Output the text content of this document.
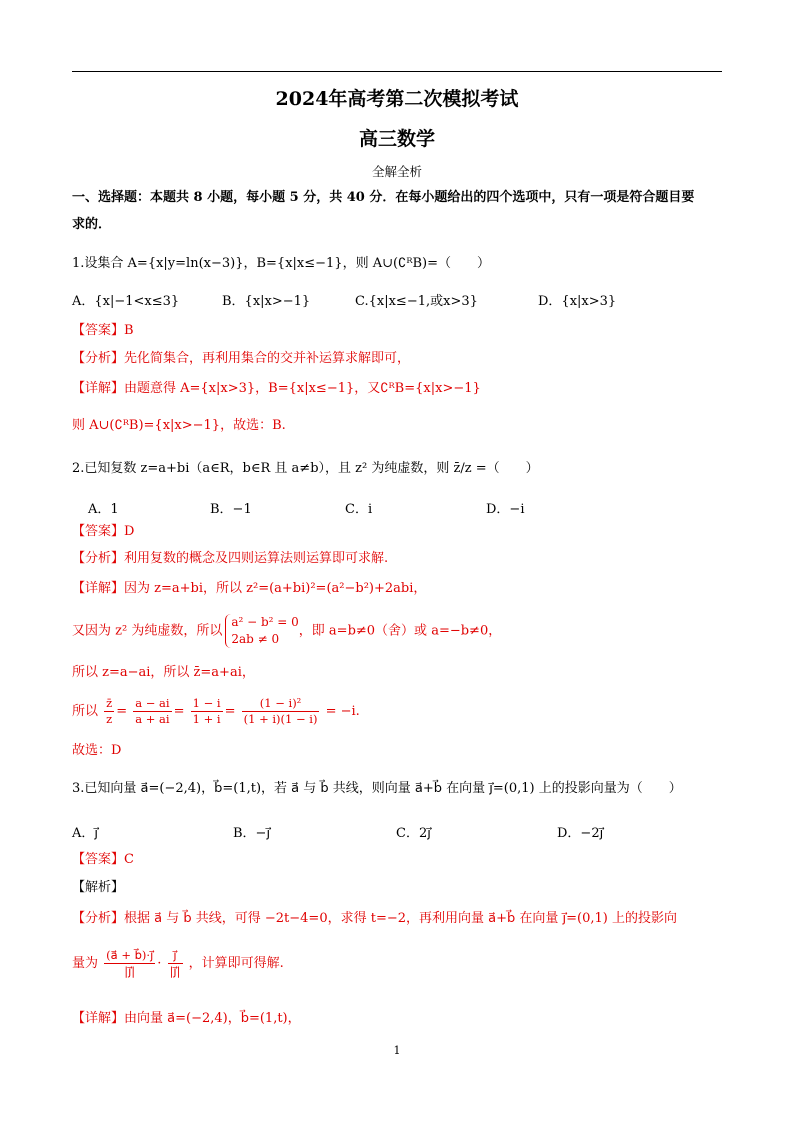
2024年高考第二次模拟考试
高三数学
全解全析
一、选择题：本题共 8 小题，每小题 5 分，共 40 分．在每小题给出的四个选项中，只有一项是符合题目要
求的．
1.设集合 A={x|y=ln(x−3)}，B={x|x≤−1}，则 A∪(∁ᴿB)=（　　）
A．{x|−1<x≤3}	B．{x|x>−1}	C.{x|x≤−1,或x>3}	D．{x|x>3}
【答案】B
【分析】先化简集合，再利用集合的交并补运算求解即可，
【详解】由题意得 A={x|x>3}，B={x|x≤−1}，又∁ᴿB={x|x>−1}
则 A∪(∁ᴿB)={x|x>−1}，故选：B.
2.已知复数 z=a+bi（a∈R，b∈R 且 a≠b），且 z² 为纯虚数，则 z̄/z =（　　）
A．1	B．−1	C．i	D．−i
【答案】D
【分析】利用复数的概念及四则运算法则运算即可求解.
【详解】因为 z=a+bi，所以 z²=(a+bi)²=(a²−b²)+2abi，
又因为 z² 为纯虚数，所以
a² − b² = 0
2ab ≠ 0
，即 a=b≠0（舍）或 a=−b≠0，
所以 z=a−ai，所以 z̄=a+ai，
所以 $\frac{z̄}{z} = \frac{a - ai}{a + ai} = \frac{1 - i}{1 + i} = \frac{\text{(1 − i)²}}{(1 + i)(1 - i)} = -i$.
故选：D
3.已知向量 a⃗=(−2,4)，b⃗=(1,t)，若 a⃗ 与 b⃗ 共线，则向量 a⃗+b⃗ 在向量 j⃗=(0,1) 上的投影向量为（　　）
A．j⃗	B．−j⃗	C．2j⃗	D．−2j⃗
【答案】C
【解析】
【分析】根据 a⃗ 与 b⃗ 共线，可得 −2t−4=0，求得 t=−2，再利用向量 a⃗+b⃗ 在向量 j⃗=(0,1) 上的投影向
量为 $\frac{(a⃗ + b⃗)\cdot j⃗}{|j⃗|} \cdot \frac{j⃗}{|j⃗|}$ ，计算即可得解.
【详解】由向量 a⃗=(−2,4)，b⃗=(1,t)，
1
